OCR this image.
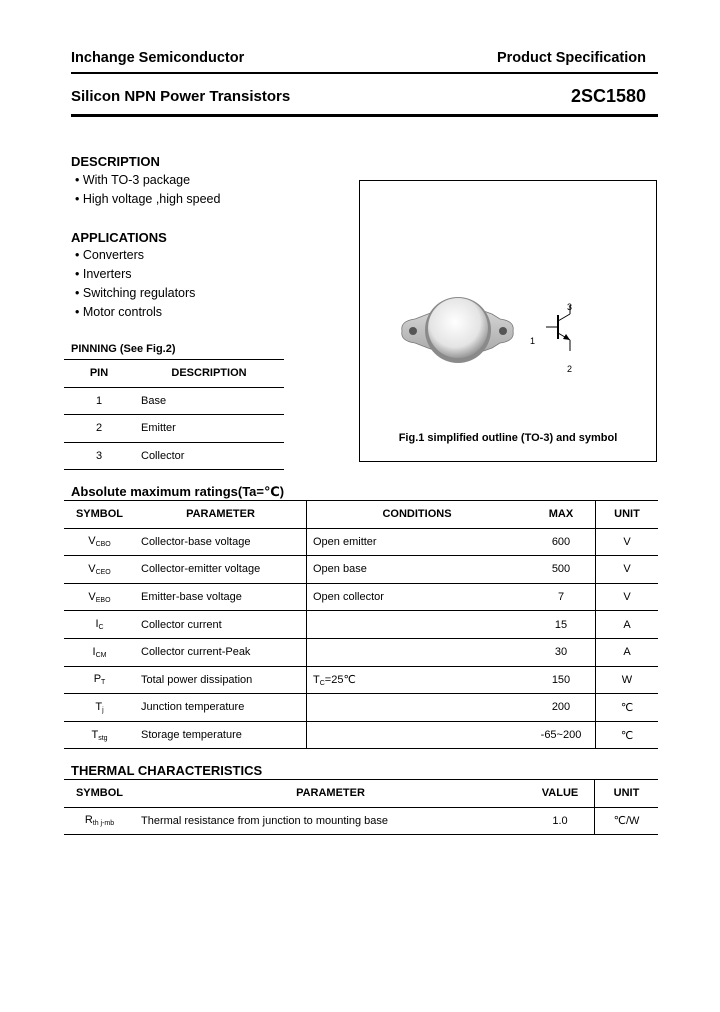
Inchange Semiconductor	Product Specification
Silicon NPN Power Transistors	2SC1580
DESCRIPTION
• With TO-3 package
• High voltage ,high speed
APPLICATIONS
• Converters
• Inverters
• Switching regulators
• Motor controls
PINNING (See Fig.2)
PIN	DESCRIPTION
1	Base
2	Emitter
3	Collector
1
2
3
Fig.1 simplified outline (TO-3) and symbol
Absolute maximum ratings(Ta=℃)
SYMBOL	PARAMETER	CONDITIONS	MAX	UNIT
$V_{CBO}$	Collector-base voltage	Open emitter	600	V
$V_{CEO}$	Collector-emitter voltage	Open base	500	V
$V_{EBO}$	Emitter-base voltage	Open collector	7	V
$I_C$	Collector current		15	A
$I_{CM}$	Collector current-Peak		30	A
$P_T$	Total power dissipation	$T_C=25℃$	150	W
$T_j$	Junction temperature		200	℃
$T_{stg}$	Storage temperature		-65~200	℃
THERMAL CHARACTERISTICS
SYMBOL	PARAMETER	VALUE	UNIT
$R_{th j-mb}$	Thermal resistance from junction to mounting base	1.0	℃/W
